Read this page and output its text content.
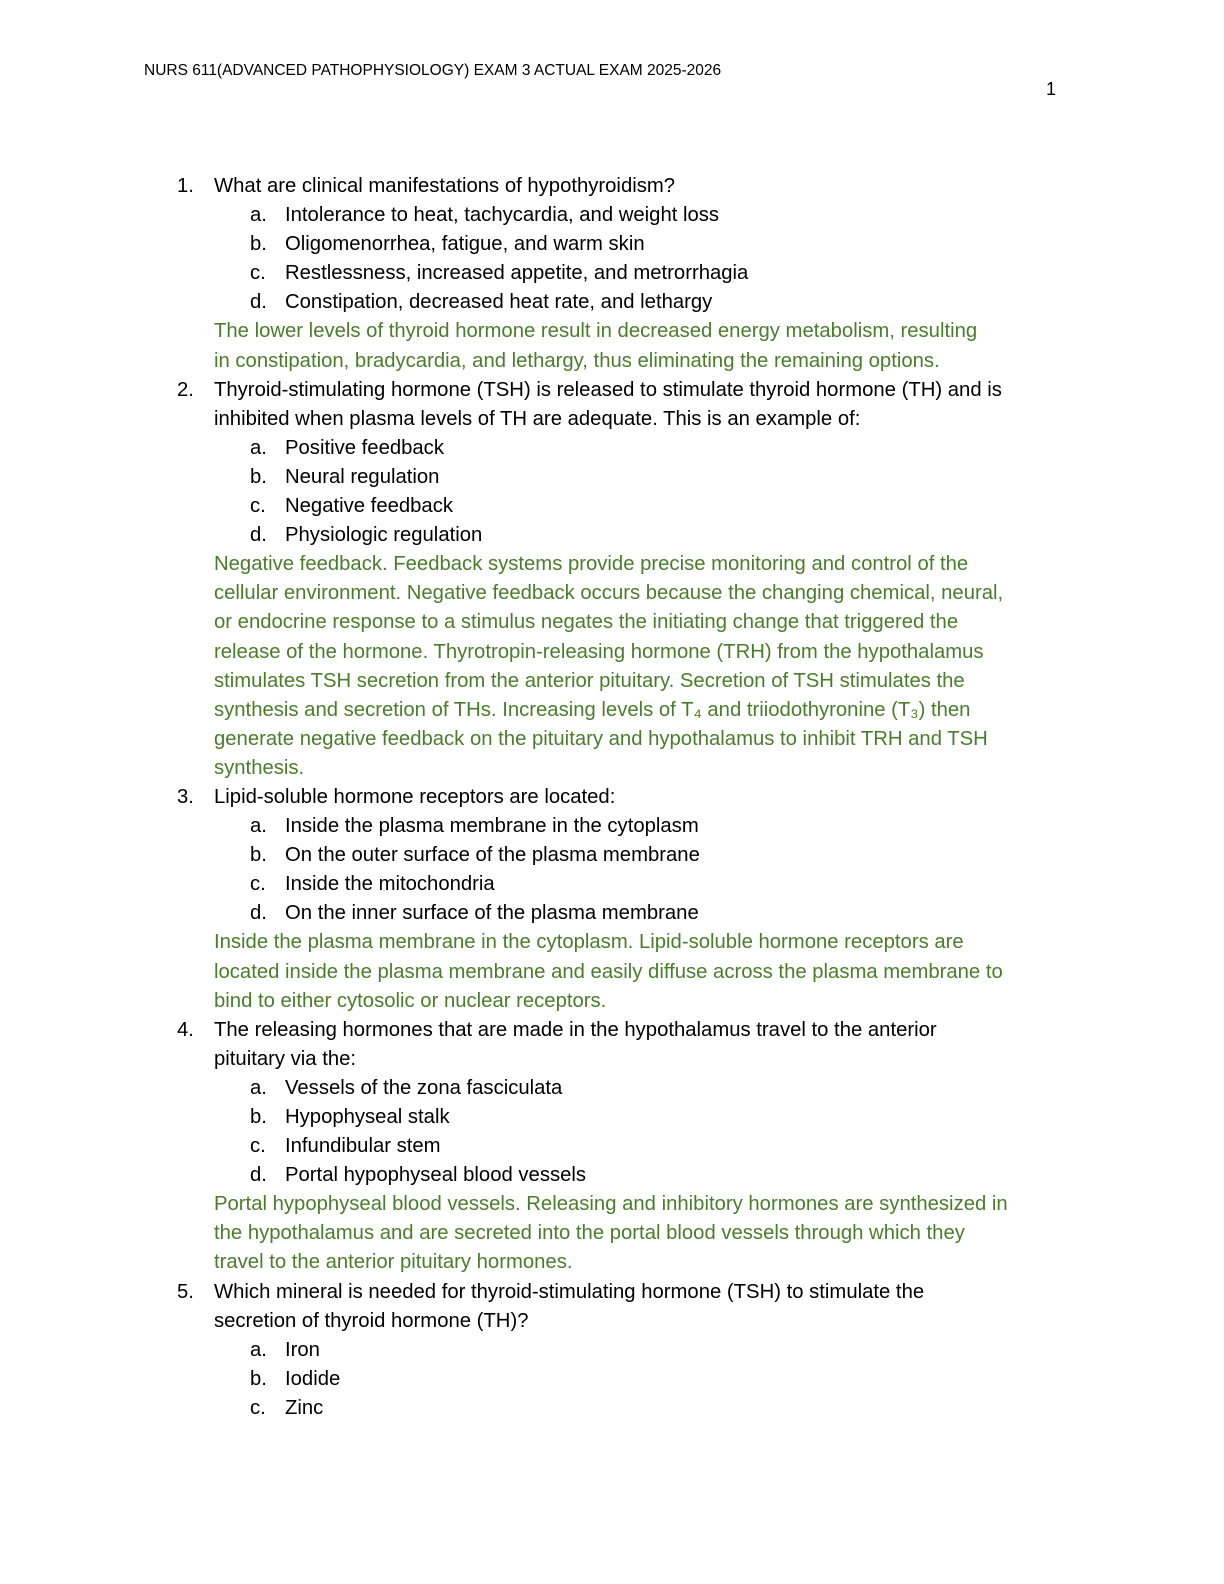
NURS 611(ADVANCED PATHOPHYSIOLOGY) EXAM 3 ACTUAL EXAM 2025-2026
1
1. What are clinical manifestations of hypothyroidism?
a. Intolerance to heat, tachycardia, and weight loss
b. Oligomenorrhea, fatigue, and warm skin
c. Restlessness, increased appetite, and metrorrhagia
d. Constipation, decreased heat rate, and lethargy
The lower levels of thyroid hormone result in decreased energy metabolism, resulting
in constipation, bradycardia, and lethargy, thus eliminating the remaining options.
2. Thyroid-stimulating hormone (TSH) is released to stimulate thyroid hormone (TH) and is
inhibited when plasma levels of TH are adequate. This is an example of:
a. Positive feedback
b. Neural regulation
c. Negative feedback
d. Physiologic regulation
Negative feedback. Feedback systems provide precise monitoring and control of the
cellular environment. Negative feedback occurs because the changing chemical, neural,
or endocrine response to a stimulus negates the initiating change that triggered the
release of the hormone. Thyrotropin-releasing hormone (TRH) from the hypothalamus
stimulates TSH secretion from the anterior pituitary. Secretion of TSH stimulates the
synthesis and secretion of THs. Increasing levels of T₄ and triiodothyronine (T₃) then
generate negative feedback on the pituitary and hypothalamus to inhibit TRH and TSH
synthesis.
3. Lipid-soluble hormone receptors are located:
a. Inside the plasma membrane in the cytoplasm
b. On the outer surface of the plasma membrane
c. Inside the mitochondria
d. On the inner surface of the plasma membrane
Inside the plasma membrane in the cytoplasm. Lipid-soluble hormone receptors are
located inside the plasma membrane and easily diffuse across the plasma membrane to
bind to either cytosolic or nuclear receptors.
4. The releasing hormones that are made in the hypothalamus travel to the anterior
pituitary via the:
a. Vessels of the zona fasciculata
b. Hypophyseal stalk
c. Infundibular stem
d. Portal hypophyseal blood vessels
Portal hypophyseal blood vessels. Releasing and inhibitory hormones are synthesized in
the hypothalamus and are secreted into the portal blood vessels through which they
travel to the anterior pituitary hormones.
5. Which mineral is needed for thyroid-stimulating hormone (TSH) to stimulate the
secretion of thyroid hormone (TH)?
a. Iron
b. Iodide
c. Zinc
